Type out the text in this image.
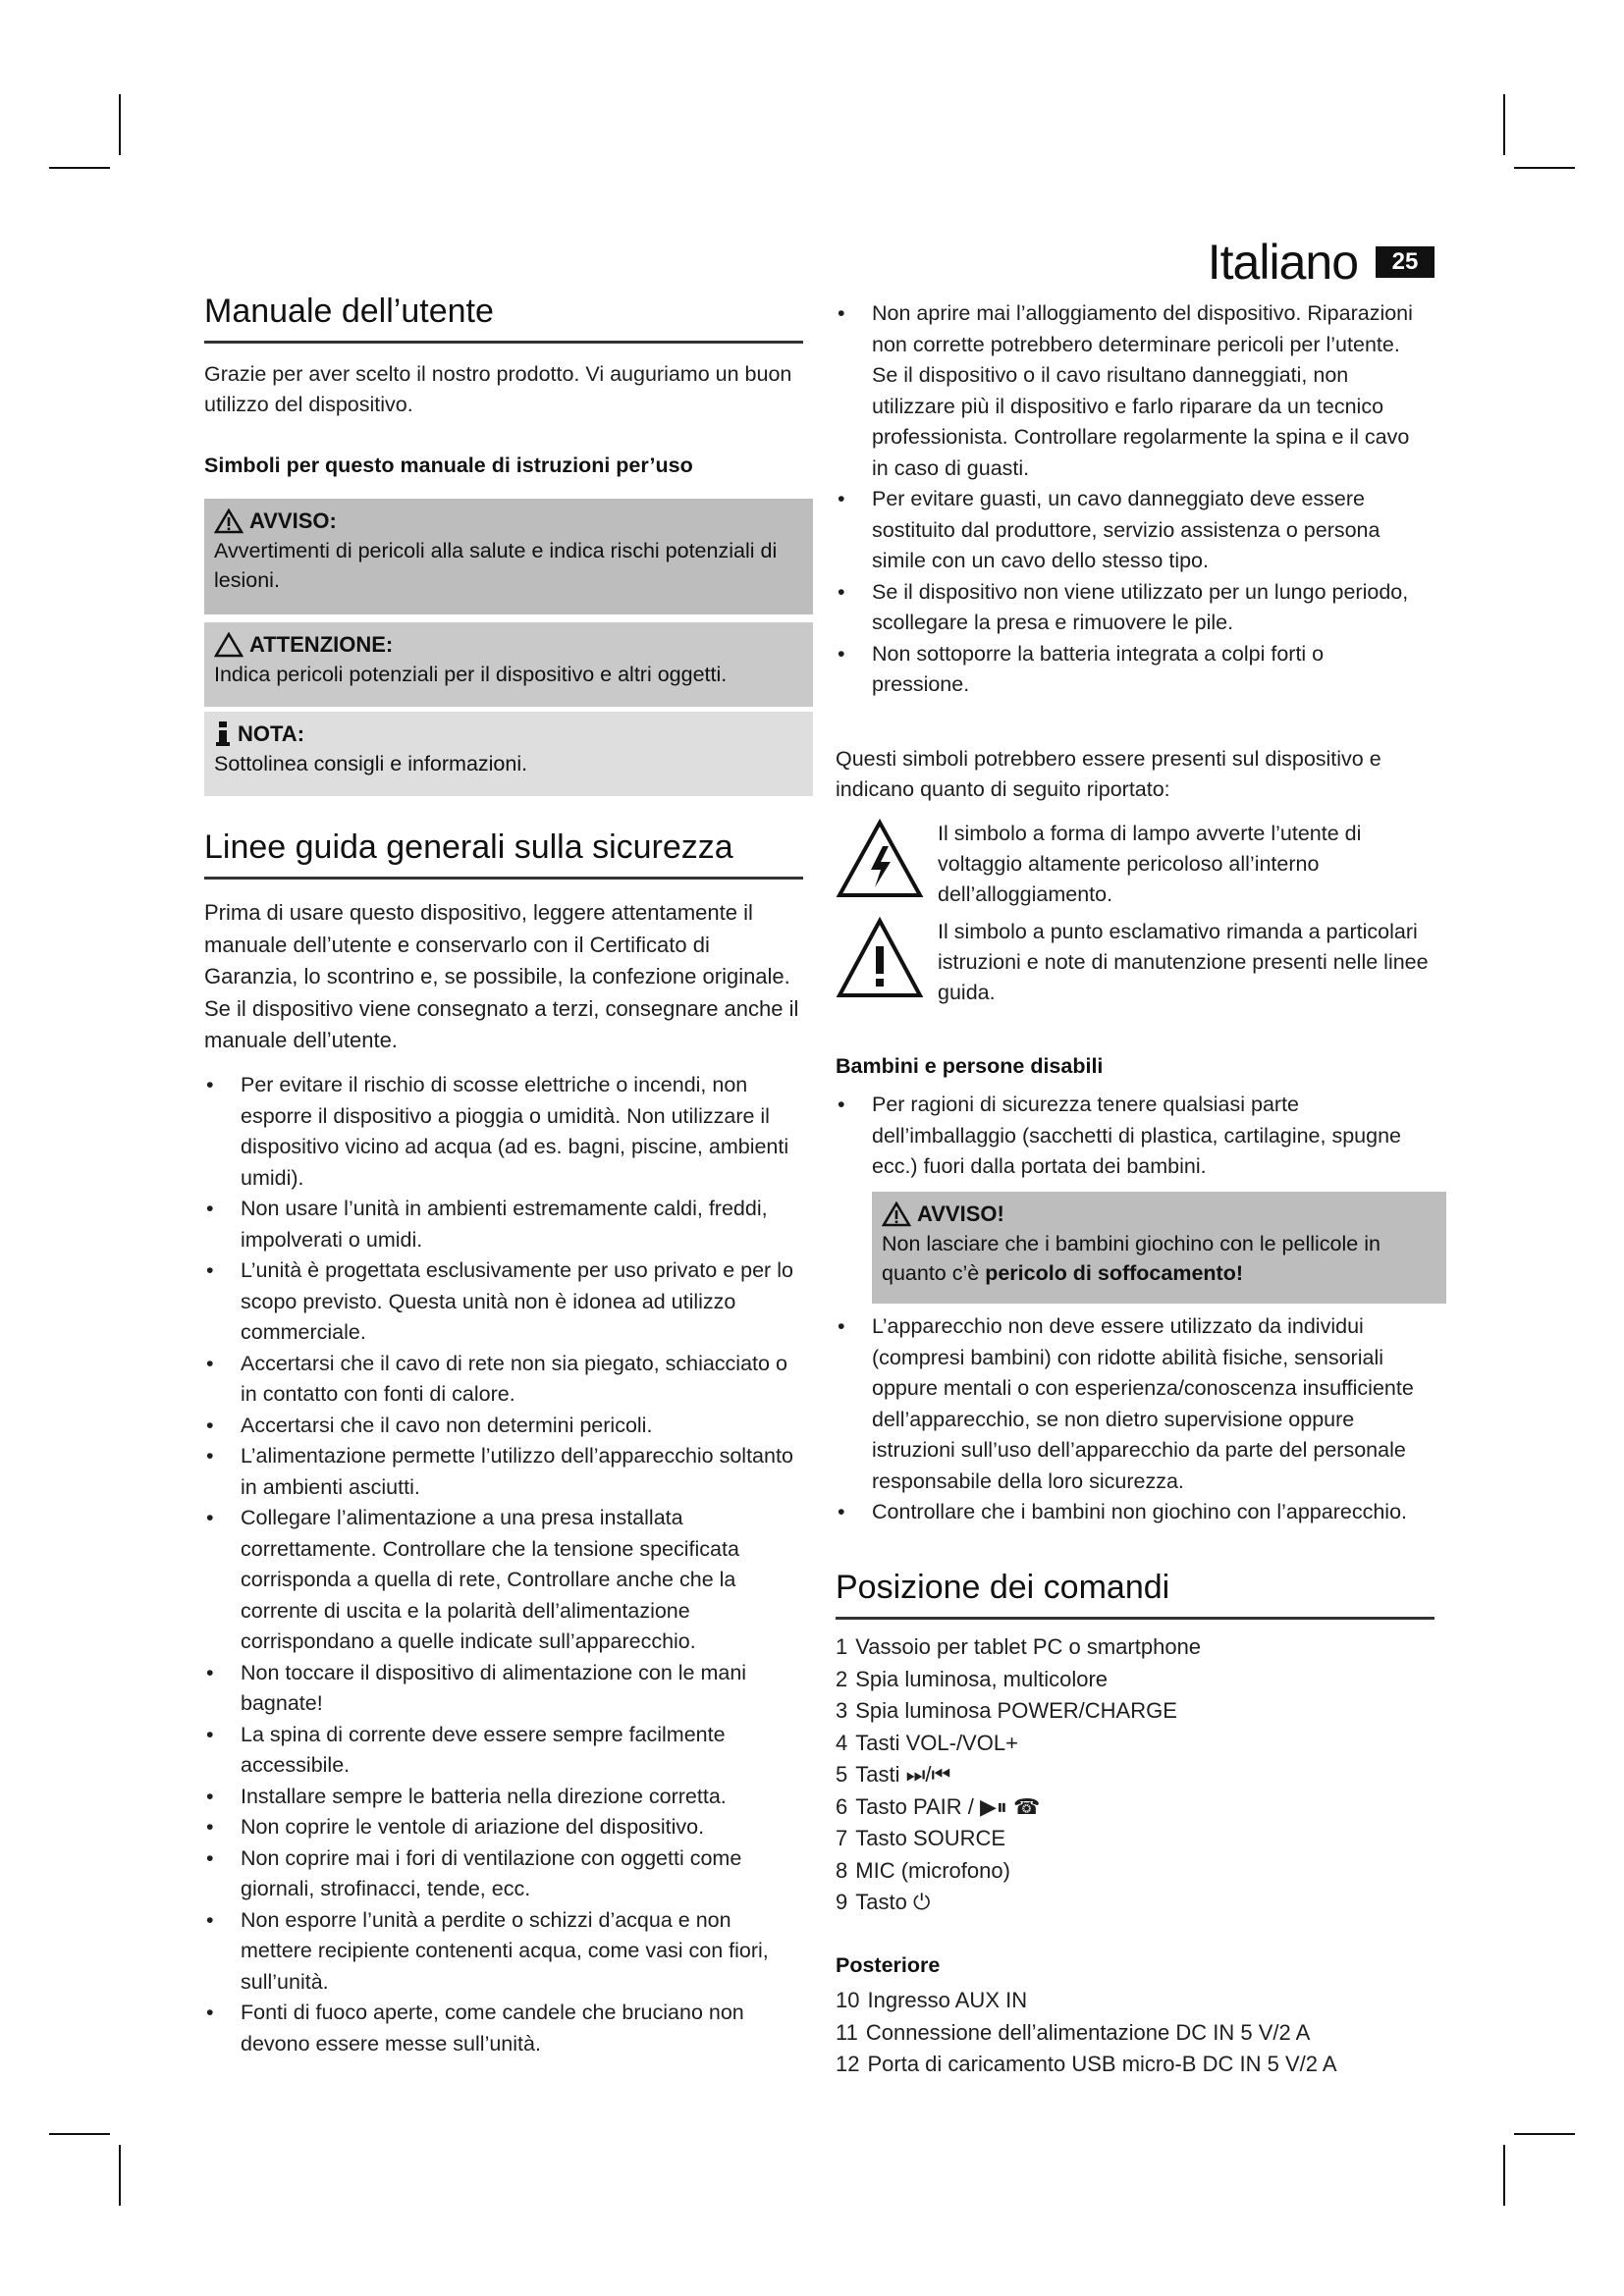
Italiano	25
Manuale dell’utente

Grazie per aver scelto il nostro prodotto. Vi auguriamo un buon utilizzo del dispositivo.

Simboli per questo manuale di istruzioni per’uso
AVVISO:
Avvertimenti di pericoli alla salute e indica rischi potenziali di lesioni.
ATTENZIONE:
Indica pericoli potenziali per il dispositivo e altri oggetti.
NOTA:
Sottolinea consigli e informazioni.
Linee guida generali sulla sicurezza

Prima di usare questo dispositivo, leggere attentamente il manuale dell’utente e conservarlo con il Certificato di Garanzia, lo scontrino e, se possibile, la confezione originale. Se il dispositivo viene consegnato a terzi, consegnare anche il manuale dell’utente.

• Per evitare il rischio di scosse elettriche o incendi, non esporre il dispositivo a pioggia o umidità. Non utilizzare il dispositivo vicino ad acqua (ad es. bagni, piscine, ambienti umidi).
• Non usare l’unità in ambienti estremamente caldi, freddi, impolverati o umidi.
• L’unità è progettata esclusivamente per uso privato e per lo scopo previsto. Questa unità non è idonea ad utilizzo commerciale.
• Accertarsi che il cavo di rete non sia piegato, schiacciato o in contatto con fonti di calore.
• Accertarsi che il cavo non determini pericoli.
• L’alimentazione permette l’utilizzo dell’apparecchio soltanto in ambienti asciutti.
• Collegare l’alimentazione a una presa installata correttamente. Controllare che la tensione specificata corrisponda a quella di rete, Controllare anche che la corrente di uscita e la polarità dell’alimentazione corrispondano a quelle indicate sull’apparecchio.
• Non toccare il dispositivo di alimentazione con le mani bagnate!
• La spina di corrente deve essere sempre facilmente accessibile.
• Installare sempre le batteria nella direzione corretta.
• Non coprire le ventole di ariazione del dispositivo.
• Non coprire mai i fori di ventilazione con oggetti come giornali, strofinacci, tende, ecc.
• Non esporre l’unità a perdite o schizzi d’acqua e non mettere recipiente contenenti acqua, come vasi con fiori, sull’unità.
• Fonti di fuoco aperte, come candele che bruciano non devono essere messe sull’unità.
• Non aprire mai l’alloggiamento del dispositivo. Riparazioni non corrette potrebbero determinare pericoli per l’utente. Se il dispositivo o il cavo risultano danneggiati, non utilizzare più il dispositivo e farlo riparare da un tecnico professionista. Controllare regolarmente la spina e il cavo in caso di guasti.
• Per evitare guasti, un cavo danneggiato deve essere sostituito dal produttore, servizio assistenza o persona simile con un cavo dello stesso tipo.
• Se il dispositivo non viene utilizzato per un lungo periodo, scollegare la presa e rimuovere le pile.
• Non sottoporre la batteria integrata a colpi forti o pressione.

Questi simboli potrebbero essere presenti sul dispositivo e indicano quanto di seguito riportato:

Il simbolo a forma di lampo avverte l’utente di voltaggio altamente pericoloso all’interno dell’alloggiamento.
Il simbolo a punto esclamativo rimanda a particolari istruzioni e note di manutenzione presenti nelle linee guida.
Bambini e persone disabili
• Per ragioni di sicurezza tenere qualsiasi parte dell’imballaggio (sacchetti di plastica, cartilagine, spugne ecc.) fuori dalla portata dei bambini.
AVVISO!
Non lasciare che i bambini giochino con le pellicole in quanto c’è pericolo di soffocamento!
• L’apparecchio non deve essere utilizzato da individui (compresi bambini) con ridotte abilità fisiche, sensoriali oppure mentali o con esperienza/conoscenza insufficiente dell’apparecchio, se non dietro supervisione oppure istruzioni sull’uso dell’apparecchio da parte del personale responsabile della loro sicurezza.
• Controllare che i bambini non giochino con l’apparecchio.
Posizione dei comandi
1 Vassoio per tablet PC o smartphone
2 Spia luminosa, multicolore
3 Spia luminosa POWER/CHARGE
4 Tasti VOL-/VOL+
5 Tasti ⏭/⏮
6 Tasto PAIR / ▶⏸ ☎
7 Tasto SOURCE
8 MIC (microfono)
9 Tasto ⏻
Posteriore
10 Ingresso AUX IN
11 Connessione dell’alimentazione DC IN 5 V/2 A
12 Porta di caricamento USB micro-B DC IN 5 V/2 A
